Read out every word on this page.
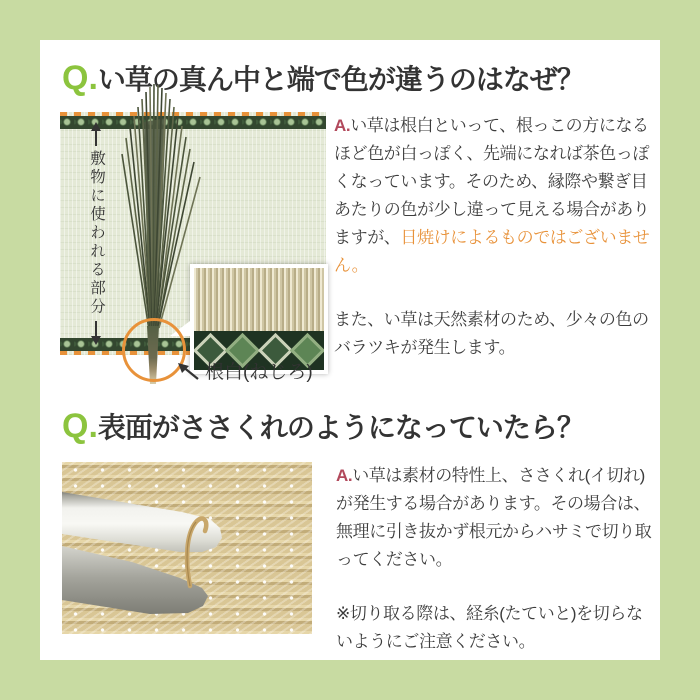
Q. い草の真ん中と端で色が違うのはなぜ？
敷物に使われる部分
根白(ねじろ)

A.い草は根白といって、根っこの方になるほど色が白っぽく、先端になれば茶色っぽくなっています。そのため、縁際や繋ぎ目あたりの色が少し違って見える場合がありますが、日焼けによるものではございません。

また、い草は天然素材のため、少々の色のバラツキが発生します。

Q. 表面がささくれのようになっていたら？

A.い草は素材の特性上、ささくれ(イ切れ)が発生する場合があります。その場合は、無理に引き抜かず根元からハサミで切り取ってください。

※切り取る際は、経糸(たていと)を切らないようにご注意ください。
